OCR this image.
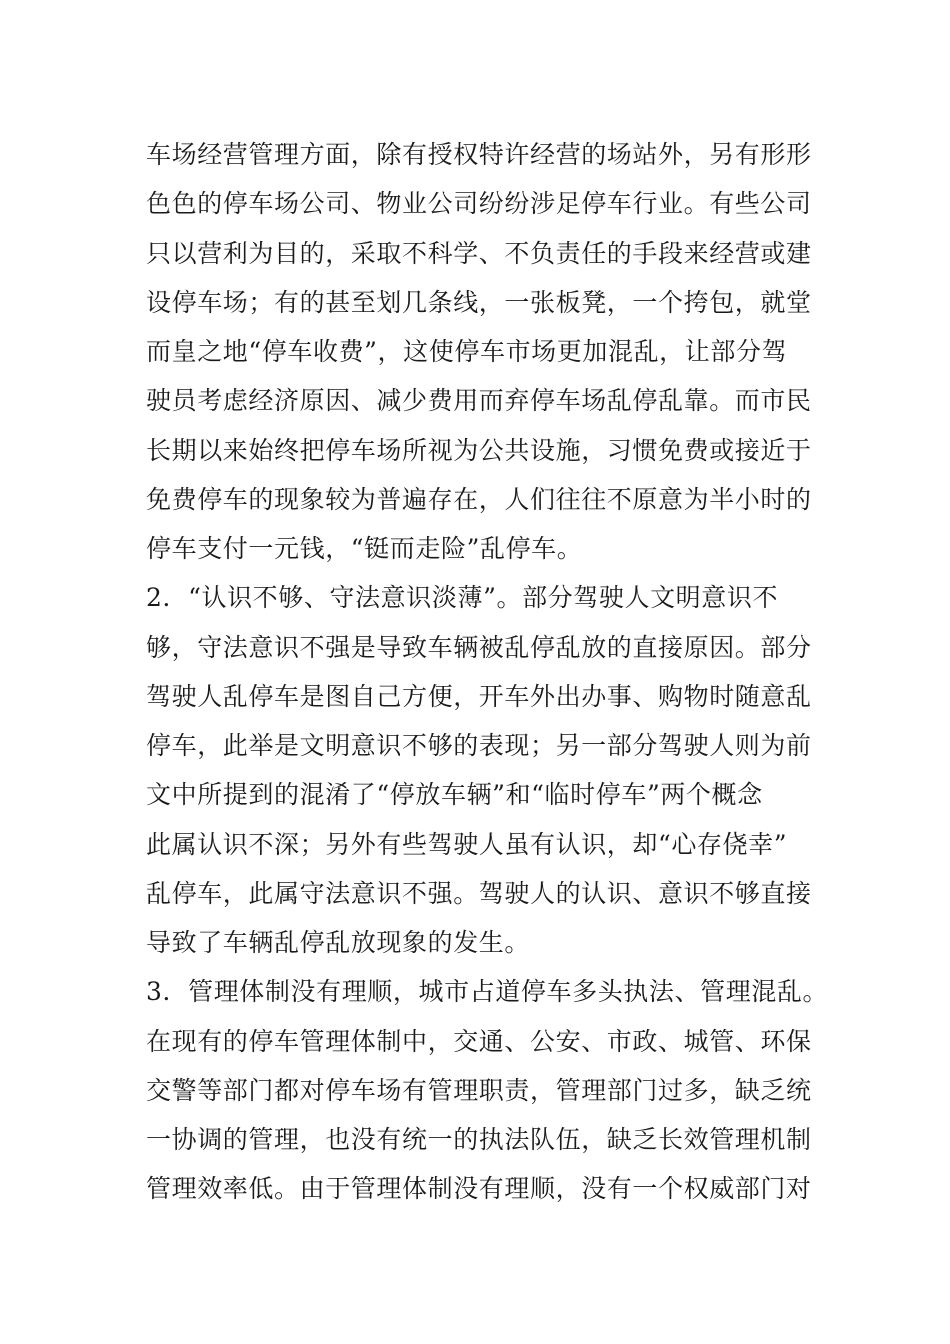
车场经营管理方面，除有授权特许经营的场站外，另有形形
色色的停车场公司、物业公司纷纷涉足停车行业。有些公司
只以营利为目的，采取不科学、不负责任的手段来经营或建
设停车场；有的甚至划几条线，一张板凳，一个挎包，就堂
而皇之地“停车收费”，这使停车市场更加混乱，让部分驾
驶员考虑经济原因、减少费用而弃停车场乱停乱靠。而市民
长期以来始终把停车场所视为公共设施，习惯免费或接近于
免费停车的现象较为普遍存在，人们往往不原意为半小时的
停车支付一元钱，“铤而走险”乱停车。
2．“认识不够、守法意识淡薄”。部分驾驶人文明意识不
够，守法意识不强是导致车辆被乱停乱放的直接原因。部分
驾驶人乱停车是图自己方便，开车外出办事、购物时随意乱
停车，此举是文明意识不够的表现；另一部分驾驶人则为前
文中所提到的混淆了“停放车辆”和“临时停车”两个概念
此属认识不深；另外有些驾驶人虽有认识，却“心存侥幸”
乱停车，此属守法意识不强。驾驶人的认识、意识不够直接
导致了车辆乱停乱放现象的发生。
3．管理体制没有理顺，城市占道停车多头执法、管理混乱。
在现有的停车管理体制中，交通、公安、市政、城管、环保
交警等部门都对停车场有管理职责，管理部门过多，缺乏统
一协调的管理，也没有统一的执法队伍，缺乏长效管理机制
管理效率低。由于管理体制没有理顺，没有一个权威部门对
